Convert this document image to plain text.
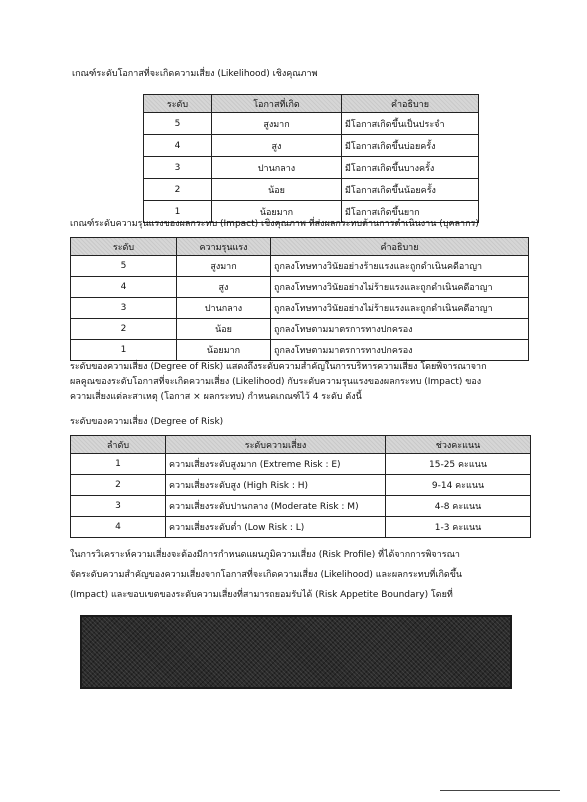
เกณฑ์ระดับโอกาสที่จะเกิดความเสี่ยง (Likelihood) เชิงคุณภาพ
ระดับ	โอกาสที่เกิด	คำอธิบาย
5	สูงมาก	มีโอกาสเกิดขึ้นเป็นประจำ
4	สูง	มีโอกาสเกิดขึ้นบ่อยครั้ง
3	ปานกลาง	มีโอกาสเกิดขึ้นบางครั้ง
2	น้อย	มีโอกาสเกิดขึ้นน้อยครั้ง
1	น้อยมาก	มีโอกาสเกิดขึ้นยาก
เกณฑ์ระดับความรุนแรงของผลกระทบ (Impact) เชิงคุณภาพ ที่ส่งผลกระทบด้านการดำเนินงาน (บุคลากร)
ระดับ	ความรุนแรง	คำอธิบาย
5	สูงมาก	ถูกลงโทษทางวินัยอย่างร้ายแรงและถูกดำเนินคดีอาญา
4	สูง	ถูกลงโทษทางวินัยอย่างไม่ร้ายแรงและถูกดำเนินคดีอาญา
3	ปานกลาง	ถูกลงโทษทางวินัยอย่างไม่ร้ายแรงและถูกดำเนินคดีอาญา
2	น้อย	ถูกลงโทษตามมาตรการทางปกครอง
1	น้อยมาก	ถูกลงโทษตามมาตรการทางปกครอง
ระดับของความเสี่ยง (Degree of Risk) แสดงถึงระดับความสำคัญในการบริหารความเสี่ยง โดยพิจารณาจาก
ผลคูณของระดับโอกาสที่จะเกิดความเสี่ยง (Likelihood) กับระดับความรุนแรงของผลกระทบ (Impact) ของ
ความเสี่ยงแต่ละสาเหตุ (โอกาส × ผลกระทบ) กำหนดเกณฑ์ไว้ 4 ระดับ ดังนี้
ระดับของความเสี่ยง (Degree of Risk)
ลำดับ	ระดับความเสี่ยง	ช่วงคะแนน
1	ความเสี่ยงระดับสูงมาก (Extreme Risk : E)	15-25 คะแนน
2	ความเสี่ยงระดับสูง (High Risk : H)	9-14 คะแนน
3	ความเสี่ยงระดับปานกลาง (Moderate Risk : M)	4-8 คะแนน
4	ความเสี่ยงระดับต่ำ (Low Risk : L)	1-3 คะแนน
ในการวิเคราะห์ความเสี่ยงจะต้องมีการกำหนดแผนภูมิความเสี่ยง (Risk Profile) ที่ได้จากการพิจารณา
จัดระดับความสำคัญของความเสี่ยงจากโอกาสที่จะเกิดความเสี่ยง (Likelihood) และผลกระทบที่เกิดขึ้น
(Impact) และขอบเขตของระดับความเสี่ยงที่สามารถยอมรับได้ (Risk Appetite Boundary) โดยที่
